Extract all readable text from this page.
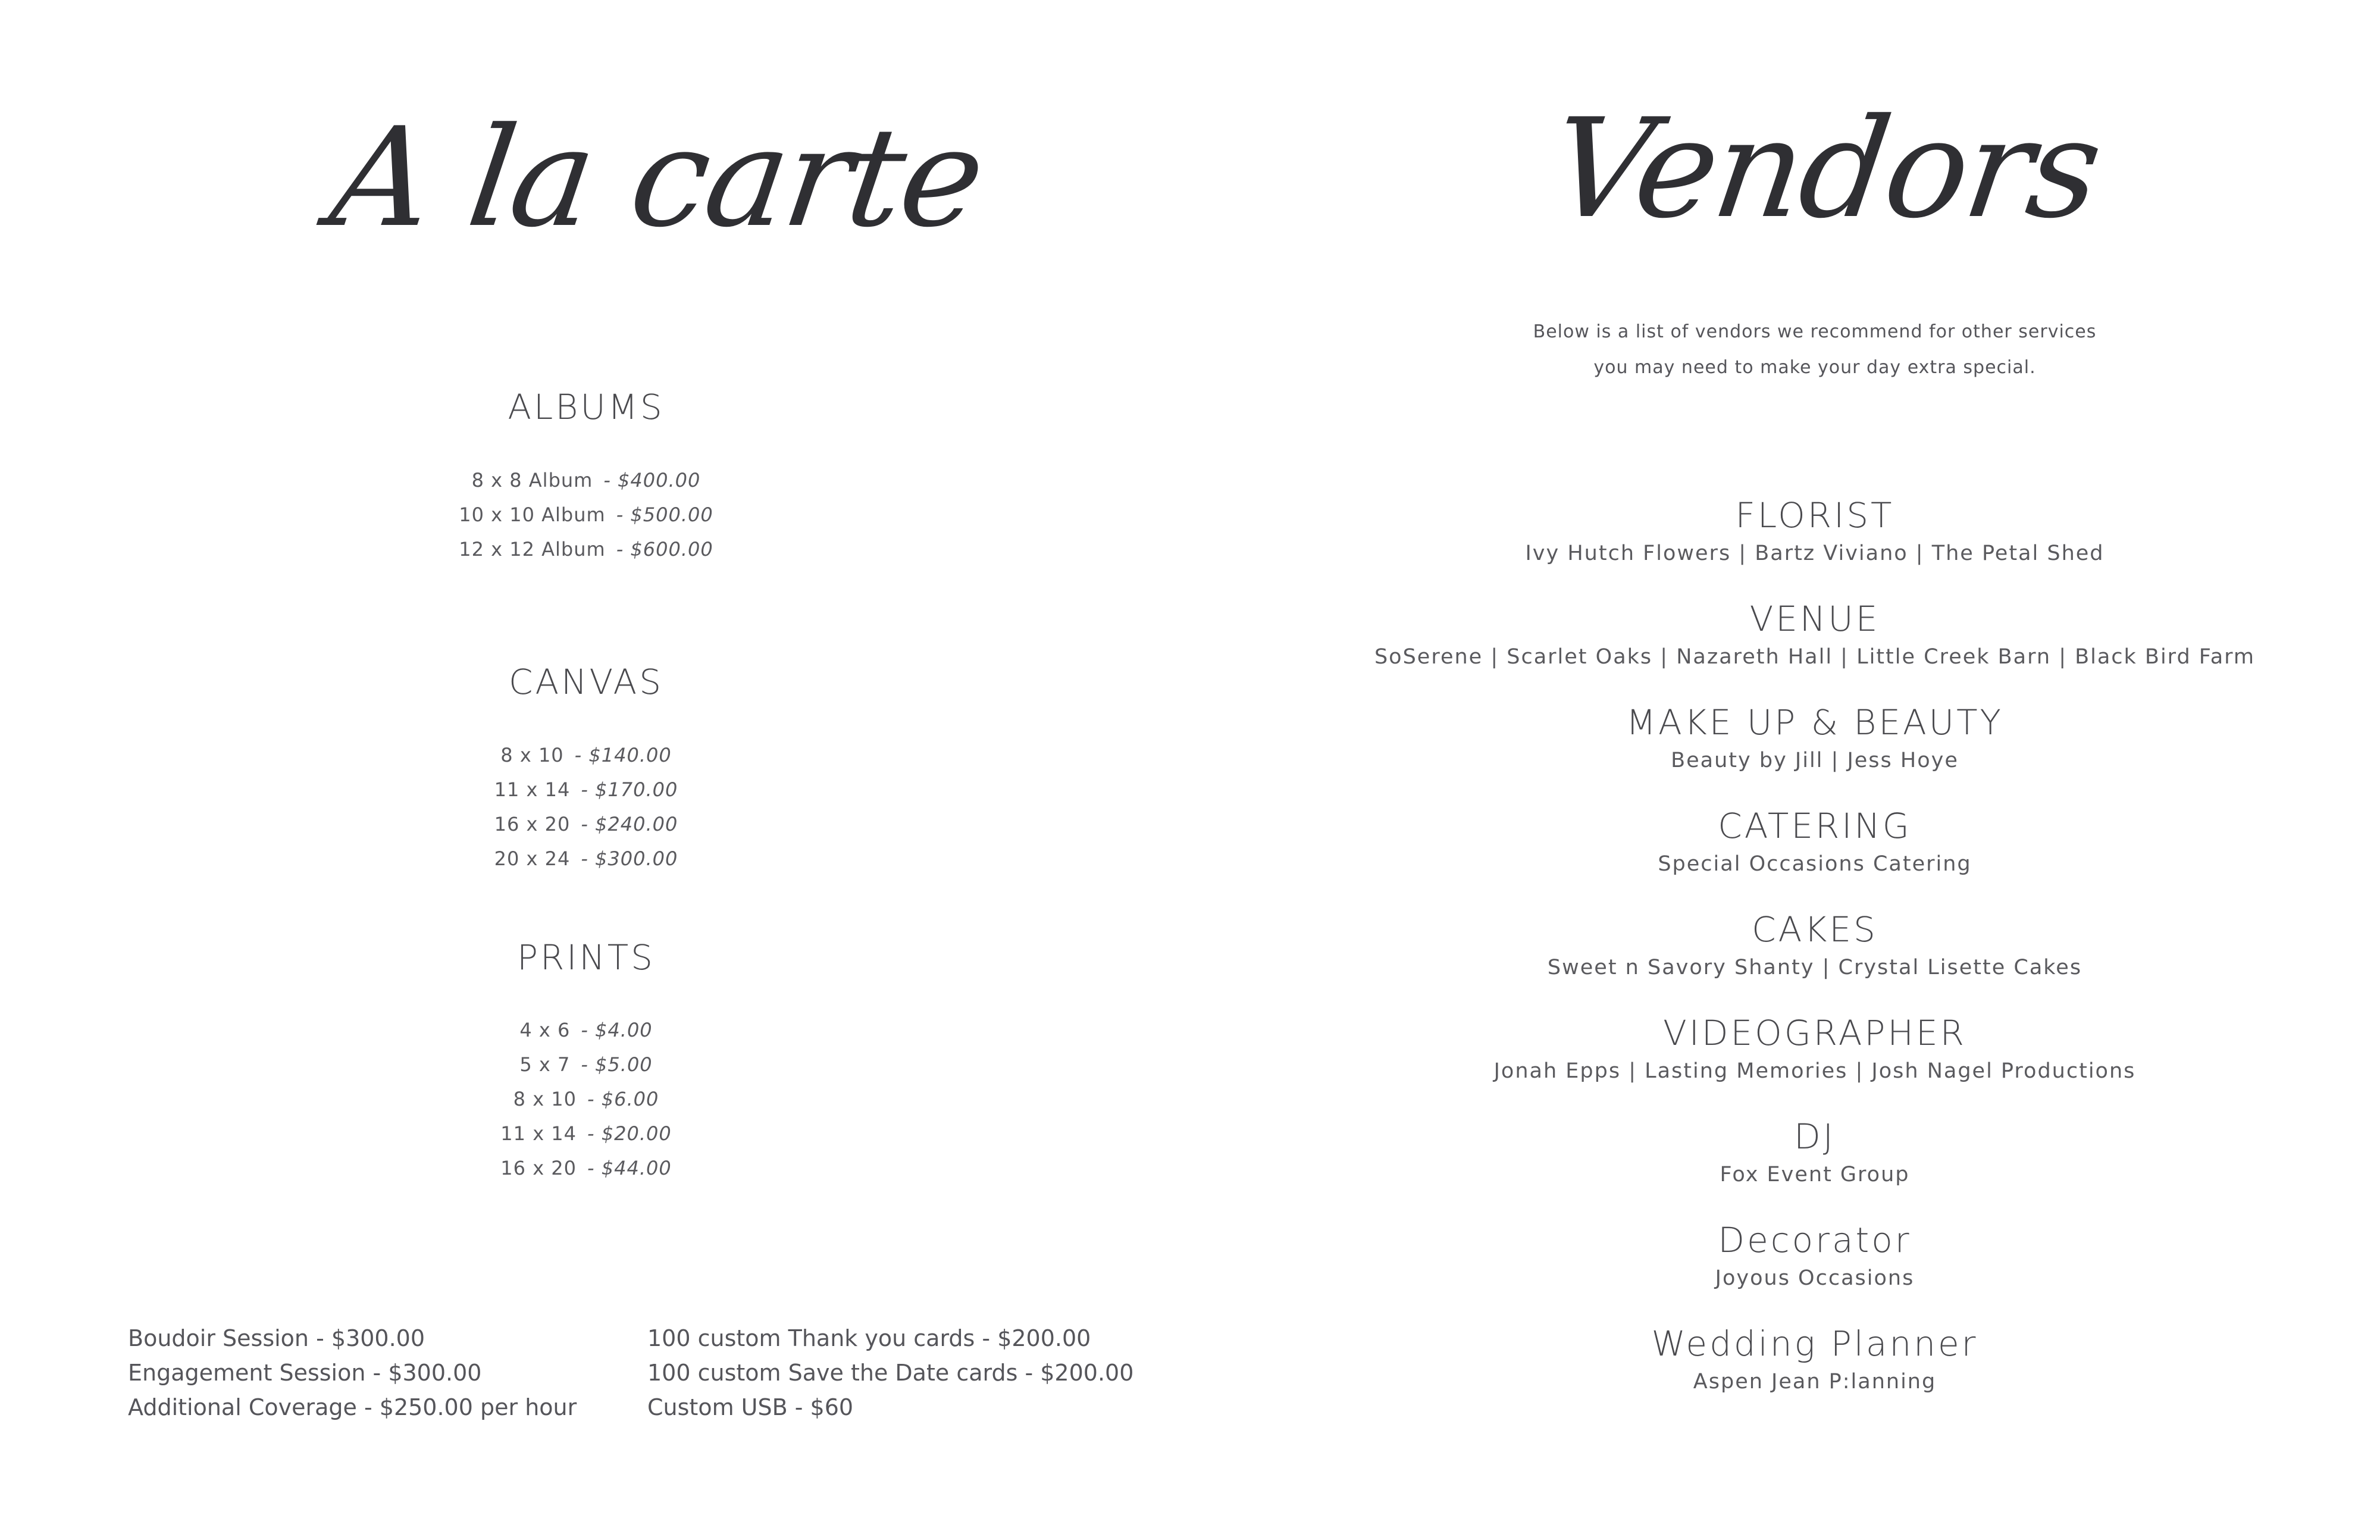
A la carte
ALBUMS
8 x 8 Album - $400.00
10 x 10 Album - $500.00
12 x 12 Album - $600.00
CANVAS
8 x 10 - $140.00
11 x 14 - $170.00
16 x 20 - $240.00
20 x 24 - $300.00
PRINTS
4 x 6 - $4.00
5 x 7 - $5.00
8 x 10 - $6.00
11 x 14 - $20.00
16 x 20 - $44.00
Boudoir Session - $300.00
Engagement Session - $300.00
Additional Coverage - $250.00 per hour
100 custom Thank you cards - $200.00
100 custom Save the Date cards - $200.00
Custom USB - $60
Vendors
Below is a list of vendors we recommend for other services
you may need to make your day extra special.
FLORIST
Ivy Hutch Flowers | Bartz Viviano | The Petal Shed
VENUE
SoSerene | Scarlet Oaks | Nazareth Hall | Little Creek Barn | Black Bird Farm
MAKE UP & BEAUTY
Beauty by Jill | Jess Hoye
CATERING
Special Occasions Catering
CAKES
Sweet n Savory Shanty | Crystal Lisette Cakes
VIDEOGRAPHER
Jonah Epps | Lasting Memories | Josh Nagel Productions
DJ
Fox Event Group
Decorator
Joyous Occasions
Wedding Planner
Aspen Jean P:lanning
